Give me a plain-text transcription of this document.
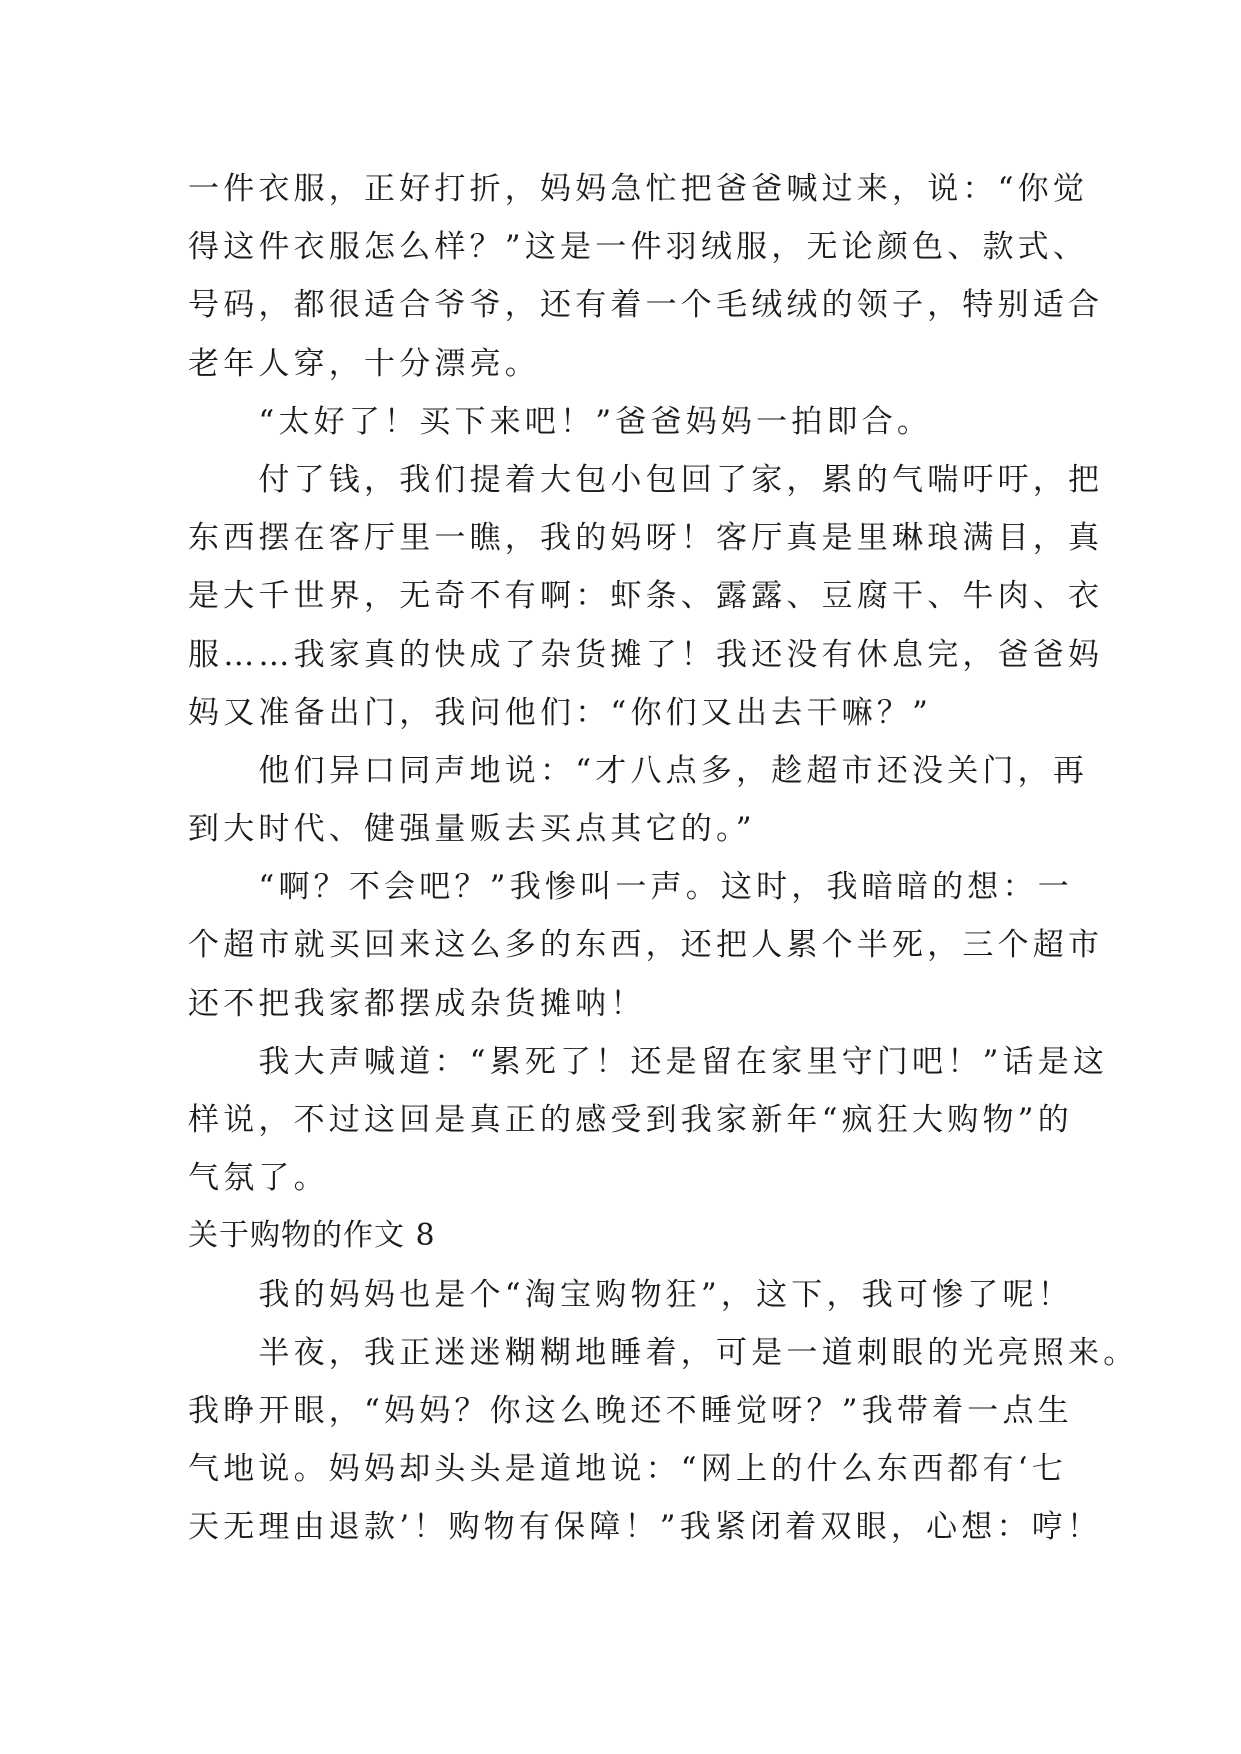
一件衣服，正好打折，妈妈急忙把爸爸喊过来，说：“你觉
得这件衣服怎么样？”这是一件羽绒服，无论颜色、款式、
号码，都很适合爷爷，还有着一个毛绒绒的领子，特别适合
老年人穿，十分漂亮。
　　“太好了！买下来吧！”爸爸妈妈一拍即合。
　　付了钱，我们提着大包小包回了家，累的气喘吁吁，把
东西摆在客厅里一瞧，我的妈呀！客厅真是里琳琅满目，真
是大千世界，无奇不有啊：虾条、露露、豆腐干、牛肉、衣
服……我家真的快成了杂货摊了！我还没有休息完，爸爸妈
妈又准备出门，我问他们：“你们又出去干嘛？”
　　他们异口同声地说：“才八点多，趁超市还没关门，再
到大时代、健强量贩去买点其它的。”
　　“啊？不会吧？”我惨叫一声。这时，我暗暗的想：一
个超市就买回来这么多的东西，还把人累个半死，三个超市
还不把我家都摆成杂货摊呐！
　　我大声喊道：“累死了！还是留在家里守门吧！”话是这
样说，不过这回是真正的感受到我家新年“疯狂大购物”的
气氛了。
关于购物的作文 8
　　我的妈妈也是个“淘宝购物狂”，这下，我可惨了呢！
　　半夜，我正迷迷糊糊地睡着，可是一道刺眼的光亮照来。
我睁开眼，“妈妈？你这么晚还不睡觉呀？”我带着一点生
气地说。妈妈却头头是道地说：“网上的什么东西都有‘七
天无理由退款’！购物有保障！”我紧闭着双眼，心想：哼！
